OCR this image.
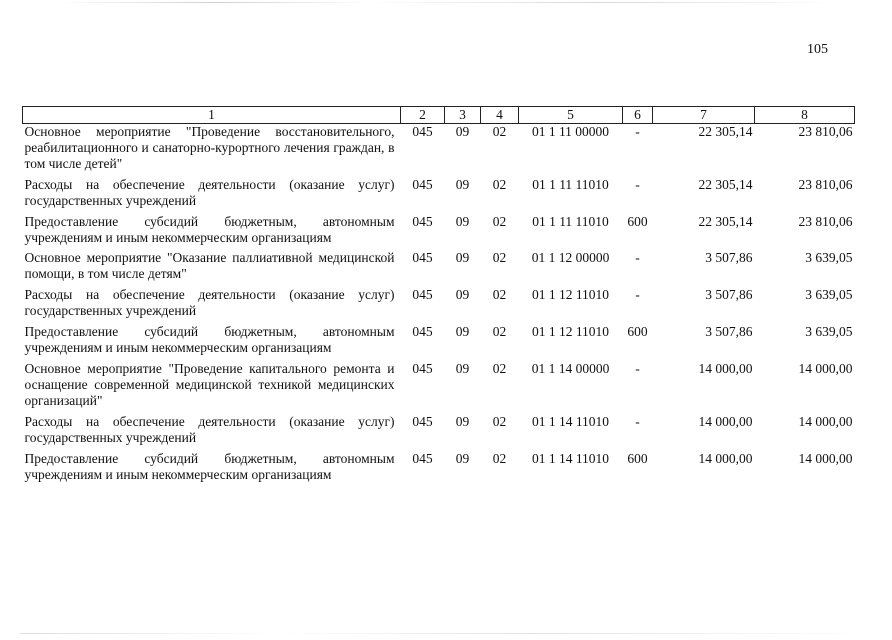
105
1	2	3	4	5	6	7	8
Основное мероприятие "Проведение восстановительного, реабилитационного и санаторно-курортного лечения граждан, в том числе детей"	045	09	02	01 1 11 00000	-	22 305,14	23 810,06
Расходы на обеспечение деятельности (оказание услуг) государственных учреждений	045	09	02	01 1 11 11010	-	22 305,14	23 810,06
Предоставление субсидий бюджетным, автономным учреждениям и иным некоммерческим организациям	045	09	02	01 1 11 11010	600	22 305,14	23 810,06
Основное мероприятие "Оказание паллиативной медицинской помощи, в том числе детям"	045	09	02	01 1 12 00000	-	3 507,86	3 639,05
Расходы на обеспечение деятельности (оказание услуг) государственных учреждений	045	09	02	01 1 12 11010	-	3 507,86	3 639,05
Предоставление субсидий бюджетным, автономным учреждениям и иным некоммерческим организациям	045	09	02	01 1 12 11010	600	3 507,86	3 639,05
Основное мероприятие "Проведение капитального ремонта и оснащение современной медицинской техникой медицинских организаций"	045	09	02	01 1 14 00000	-	14 000,00	14 000,00
Расходы на обеспечение деятельности (оказание услуг) государственных учреждений	045	09	02	01 1 14 11010	-	14 000,00	14 000,00
Предоставление субсидий бюджетным, автономным учреждениям и иным некоммерческим организациям	045	09	02	01 1 14 11010	600	14 000,00	14 000,00
